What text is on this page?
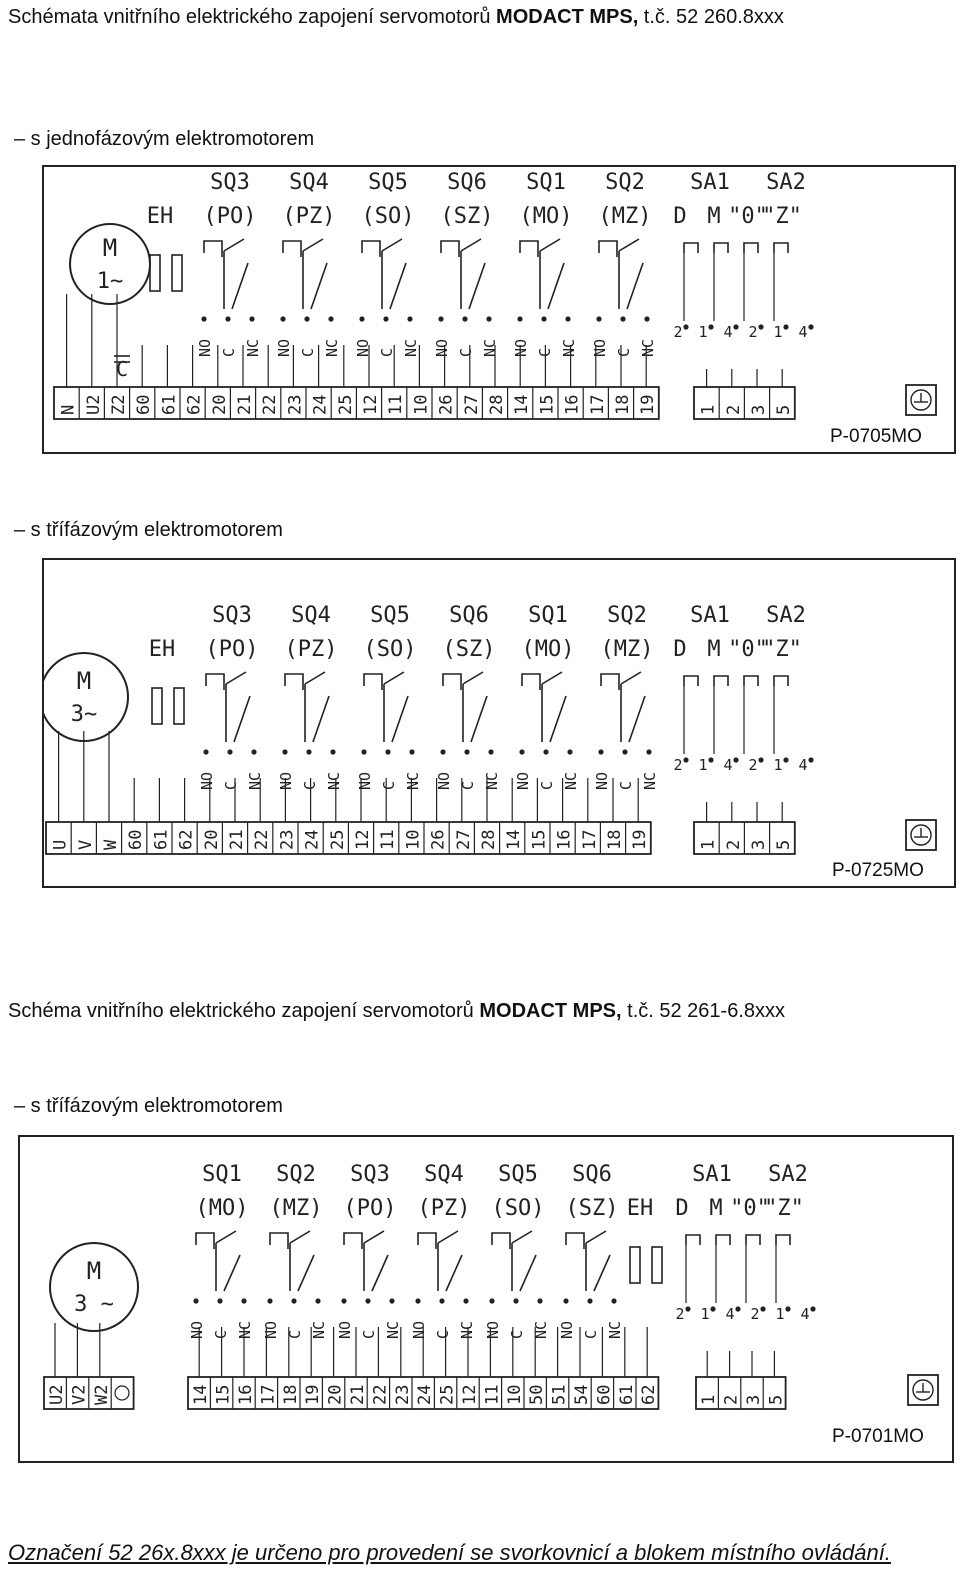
Schémata vnitřního elektrického zapojení servomotorů MODACT MPS, t.č. 52 260.8xxx
– s jednofázovým elektromotorem
M
1~
C
N U2 Z2 60 61 62 20 21 22 23 24 25 12 11 10 26 27 28 14 15 16 17 18 19 1 2 3 5
EH
SQ3
(PO)
NO C NC
SQ4
(PZ)
NO C NC
SQ5
(SO)
NO C NC
SQ6
(SZ)
NO C NC
SQ1
(MO)
NO C NC
SQ2
(MZ)
NO C NC
SA1 SA2
D M "0"
"Z"
2 1 4 2 1 4
P-0705MO
– s třífázovým elektromotorem
M
3~
U V W 60 61 62 20 21 22 23 24 25 12 11 10 26 27 28 14 15 16 17 18 19	1 2 3 5
EH
SQ3
(PO)
NO C NC
SQ4
(PZ)
NO C NC
SQ5
(SO)
NO C NC
SQ6
(SZ)
NO C NC
SQ1
(MO)
NO C NC
SQ2
(MZ)
NO C NC
SA1 SA2
D M "0"
"Z"
2 1 4 2 1 4
P-0725MO
Schéma vnitřního elektrického zapojení servomotorů MODACT MPS, t.č. 52 261-6.8xxx
– s třífázovým elektromotorem
M
3 ~
14 15 16 17 18 19 20 21 22 23 24 25 12 11 10 50 51 54 60 61 62 1 2 3 5
EH
SQ1
(MO)
NO C NC
SQ2
(MZ)
NO C NC
SQ3
(PO)
NO C NC
SQ4
(PZ)
NO C NC
SQ5
(SO)
NO C NC
SQ6
(SZ)
NO C NC
SA1 SA2
D M "0"
"Z"
2 1 4 2 1 4
U2 V2 W2
P-0701MO
Označení 52 26x.8xxx je určeno pro provedení se svorkovnicí a blokem místního ovládání.
